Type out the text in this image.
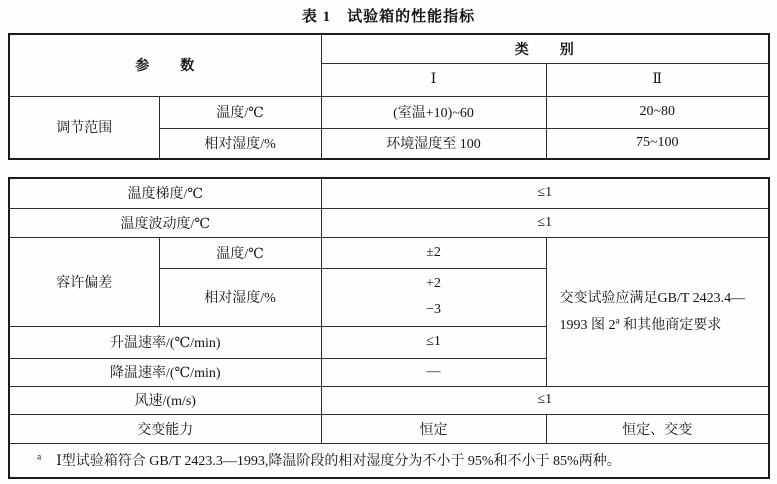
表 1　试验箱的性能指标
参　　数		类　　别	
		Ⅰ	Ⅱ
调节范围	温度/℃	(室温+10)~60	20~80
	相对湿度/%	环境湿度至 100	75~100
温度梯度/℃		≤1	
温度波动度/℃		≤1	
容许偏差	温度/℃	±2	交变试验应满足GB/T 2423.4—
1993 图 2$^a$ 和其他商定要求

	相对湿度/%	+2
−3	

升温速率/(℃/min)		≤1	
降温速率/(℃/min)		—	
风速/(m/s)		≤1	
交变能力		恒定	恒定、交变
$^a$ Ⅰ型试验箱符合 GB/T 2423.3—1993,降温阶段的相对湿度分为不小于 95%和不小于 85%两种。			
